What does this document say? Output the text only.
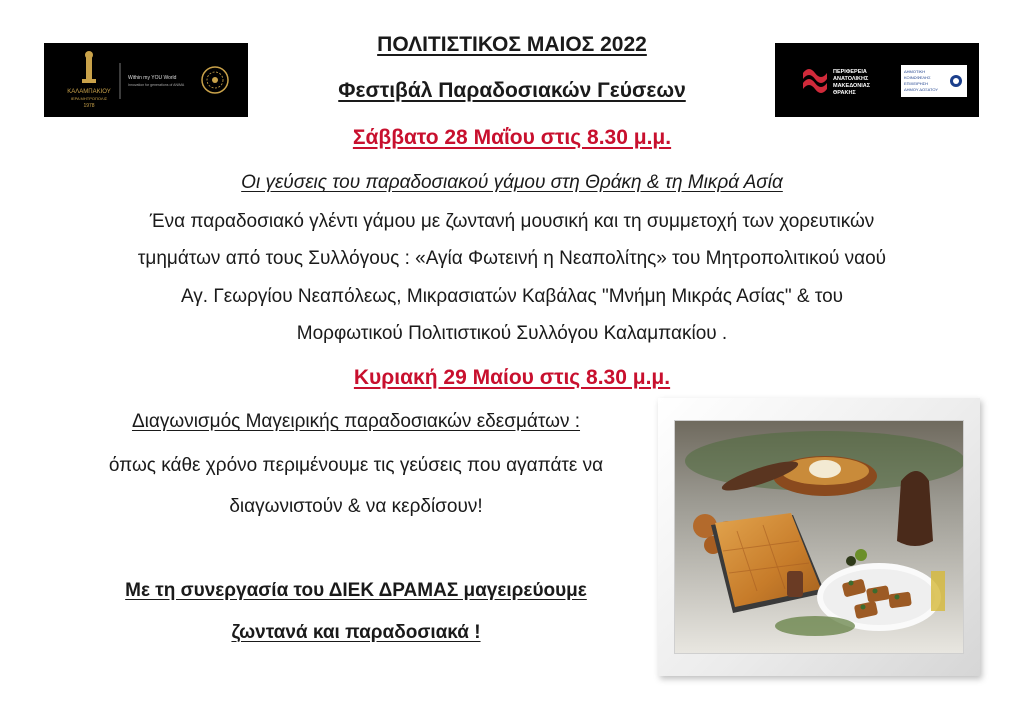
ΚΑΛΑΜΠΑΚΙΟΥ
ΙΕΡΑ ΜΗΤΡΟΠΟΛΙΣ
1978
Within my YOU World
Innovation for generations of ANIMA
ΠΕΡΙΦΕΡΕΙΑ
ΑΝΑΤΟΛΙΚΗΣ
ΜΑΚΕΔΟΝΙΑΣ
ΘΡΑΚΗΣ
ΔΗΜΟΤΙΚΗ
ΚΟΙΝΩΦΕΛΗΣ
ΕΠΙΧΕΙΡΗΣΗ
ΔΗΜΟΥ ΔΟΞΑΤΟΥ
ΠΟΛΙΤΙΣΤΙΚΟΣ ΜΑΙΟΣ 2022
Φεστιβάλ Παραδοσιακών Γεύσεων
Σάββατο 28 Μαΐου στις 8.30 μ.μ.
Οι γεύσεις του παραδοσιακού γάμου στη Θράκη & τη Μικρά Ασία
Ένα παραδοσιακό γλέντι γάμου με ζωντανή μουσική και τη συμμετοχή των χορευτικών
τμημάτων από τους Συλλόγους : «Αγία Φωτεινή η Νεαπολίτης» του Μητροπολιτικού ναού
Αγ. Γεωργίου Νεαπόλεως, Μικρασιατών Καβάλας "Μνήμη Μικράς Ασίας" & του
Μορφωτικού Πολιτιστικού Συλλόγου Καλαμπακίου .
Κυριακή 29 Μαίου στις 8.30 μ.μ.
Διαγωνισμός Μαγειρικής παραδοσιακών εδεσμάτων :
όπως κάθε χρόνο περιμένουμε τις γεύσεις που αγαπάτε να
διαγωνιστούν & να κερδίσουν!
Με τη συνεργασία του ΔΙΕΚ ΔΡΑΜΑΣ μαγειρεύουμε
ζωντανά και παραδοσιακά !
